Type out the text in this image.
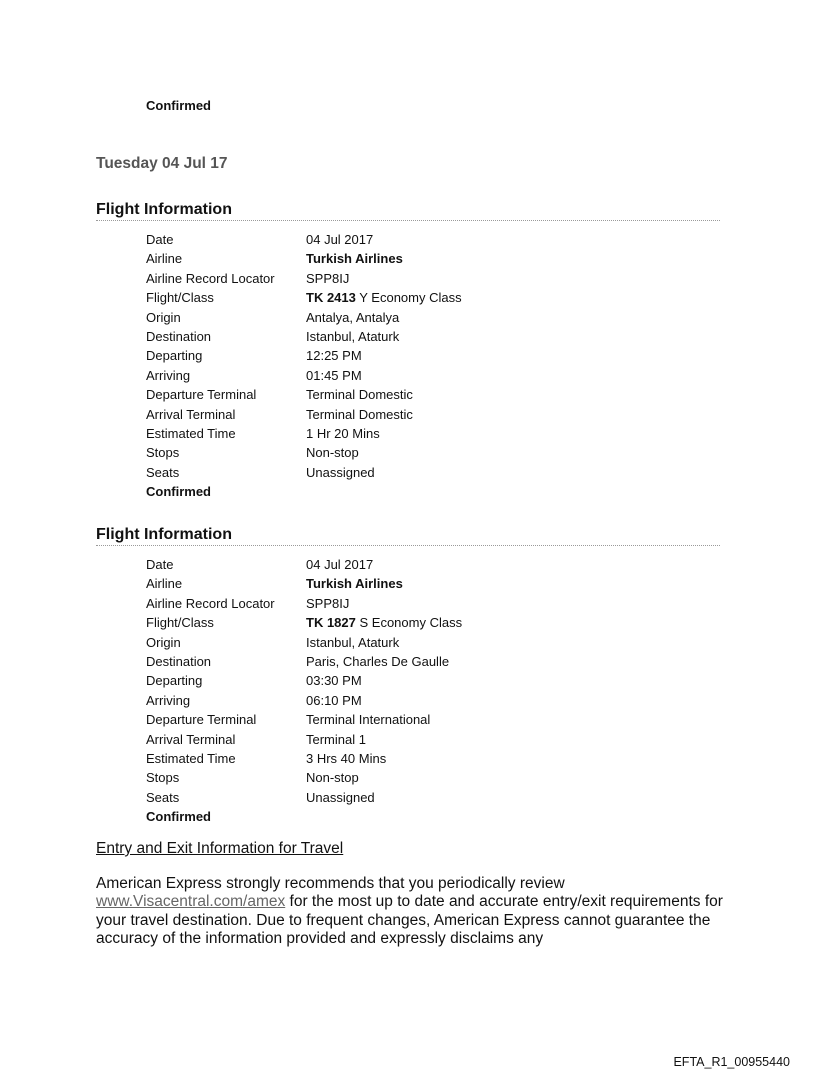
Confirmed
Tuesday 04 Jul 17
Flight Information
Date	04 Jul 2017
Airline	Turkish Airlines
Airline Record Locator	SPP8IJ
Flight/Class	TK 2413 Y Economy Class
Origin	Antalya, Antalya
Destination	Istanbul, Ataturk
Departing	12:25 PM
Arriving	01:45 PM
Departure Terminal	Terminal Domestic
Arrival Terminal	Terminal Domestic
Estimated Time	1 Hr 20 Mins
Stops	Non-stop
Seats	Unassigned
Confirmed
Flight Information
Date	04 Jul 2017
Airline	Turkish Airlines
Airline Record Locator	SPP8IJ
Flight/Class	TK 1827 S Economy Class
Origin	Istanbul, Ataturk
Destination	Paris, Charles De Gaulle
Departing	03:30 PM
Arriving	06:10 PM
Departure Terminal	Terminal International
Arrival Terminal	Terminal 1
Estimated Time	3 Hrs 40 Mins
Stops	Non-stop
Seats	Unassigned
Confirmed
Entry and Exit Information for Travel
American Express strongly recommends that you periodically review
www.Visacentral.com/amex for the most up to date and accurate entry/exit requirements for your travel destination. Due to frequent changes, American Express cannot guarantee the accuracy of the information provided and expressly disclaims any
EFTA_R1_00955440
